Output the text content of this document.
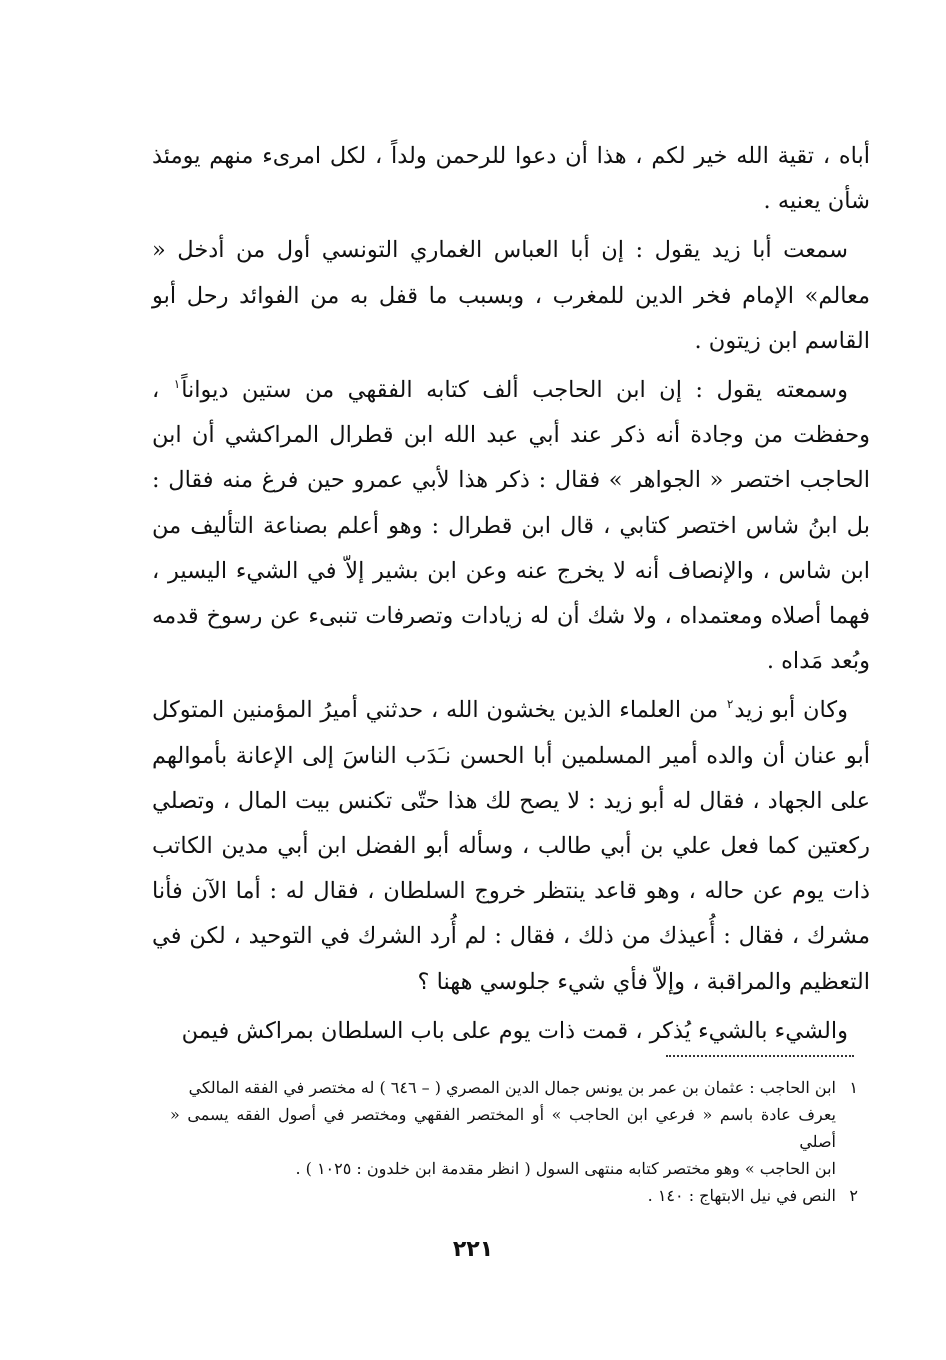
أباه ، تقية الله خير لكم ، هذا أن دعوا للرحمن ولداً ، لكل امرىء منهم يومئذ شأن يعنيه .

سمعت أبا زيد يقول : إن أبا العباس الغماري التونسي أول من أدخل « معالم» الإمام فخر الدين للمغرب ، وبسبب ما قفل به من الفوائد رحل أبو القاسم ابن زيتون .

وسمعته يقول : إن ابن الحاجب ألف كتابه الفقهي من ستين ديواناً$^١$ ، وحفظت من وجادة أنه ذكر عند أبي عبد الله ابن قطرال المراكشي أن ابن الحاجب اختصر « الجواهر » فقال : ذكر هذا لأبي عمرو حين فرغ منه فقال : بل ابنُ شاس اختصر كتابي ، قال ابن قطرال : وهو أعلم بصناعة التأليف من ابن شاس ، والإنصاف أنه لا يخرج عنه وعن ابن بشير إلاّ في الشيء اليسير ، فهما أصلاه ومعتمداه ، ولا شك أن له زيادات وتصرفات تنبىء عن رسوخ قدمه وبُعد مَداه .

وكان أبو زيد$^٢$ من العلماء الذين يخشون الله ، حدثني أميرُ المؤمنين المتوكل أبو عنان أن والده أمير المسلمين أبا الحسن نـَدَب الناسَ إلى الإعانة بأموالهم على الجهاد ، فقال له أبو زيد : لا يصح لك هذا حتّى تكنس بيت المال ، وتصلي ركعتين كما فعل علي بن أبي طالب ، وسأله أبو الفضل ابن أبي مدين الكاتب ذات يوم عن حاله ، وهو قاعد ينتظر خروج السلطان ، فقال له : أما الآن فأنا مشرك ، فقال : أُعيذك من ذلك ، فقال : لم أُرد الشرك في التوحيد ، لكن في التعظيم والمراقبة ، وإلاّ فأي شيء جلوسي ههنا ؟

والشيء بالشيء يُذكر ، قمت ذات يوم على باب السلطان بمراكش فيمن

١ابن الحاجب : عثمان بن عمر بن يونس جمال الدين المصري ( – ٦٤٦ ) له مختصر في الفقه المالكي

يعرف عادة باسم « فرعي ابن الحاجب » أو المختصر الفقهي ومختصر في أصول الفقه يسمى « أصلي

ابن الحاجب » وهو مختصر كتابه منتهى السول ( انظر مقدمة ابن خلدون : ١٠٢٥ ) .

٢النص في نيل الابتهاج : ١٤٠ .

٢٢١
